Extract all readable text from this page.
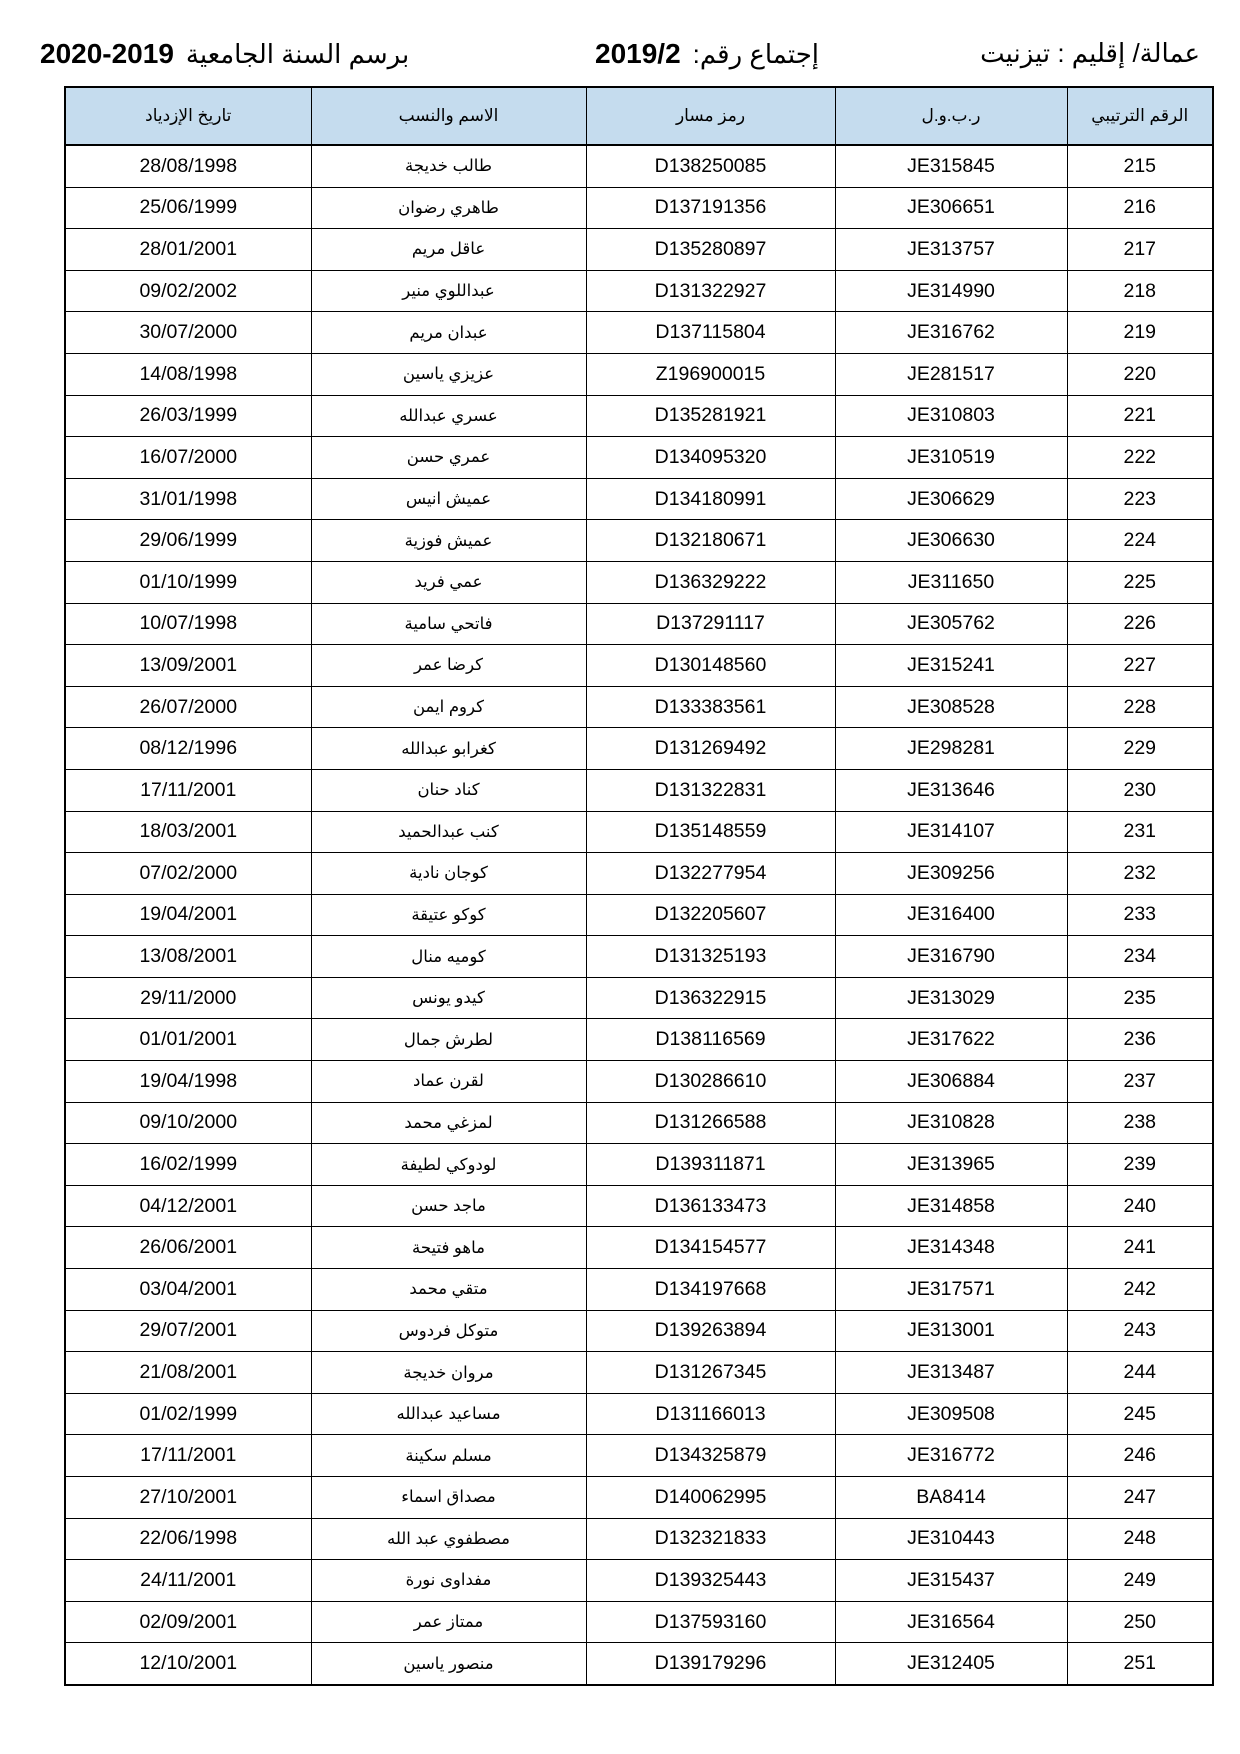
برسم السنة الجامعية2020-2019	إجتماع رقم:2019/2	عمالة/ إقليم : تيزنيت
الرقم الترتيبي	ر.ب.و.ل	رمز مسار	الاسم والنسب	تاريخ الإزدياد
215	JE315845	D138250085	طالب خديجة	28/08/1998
216	JE306651	D137191356	طاهري رضوان	25/06/1999
217	JE313757	D135280897	عاقل مريم	28/01/2001
218	JE314990	D131322927	عبداللوي منير	09/02/2002
219	JE316762	D137115804	عبدان مريم	30/07/2000
220	JE281517	Z196900015	عزيزي ياسين	14/08/1998
221	JE310803	D135281921	عسري عبدالله	26/03/1999
222	JE310519	D134095320	عمري حسن	16/07/2000
223	JE306629	D134180991	عميش انيس	31/01/1998
224	JE306630	D132180671	عميش فوزية	29/06/1999
225	JE311650	D136329222	عمي فريد	01/10/1999
226	JE305762	D137291117	فاتحي سامية	10/07/1998
227	JE315241	D130148560	كرضا عمر	13/09/2001
228	JE308528	D133383561	كروم ايمن	26/07/2000
229	JE298281	D131269492	كغرابو عبدالله	08/12/1996
230	JE313646	D131322831	كناد حنان	17/11/2001
231	JE314107	D135148559	كنب عبدالحميد	18/03/2001
232	JE309256	D132277954	كوجان نادية	07/02/2000
233	JE316400	D132205607	كوكو عتيقة	19/04/2001
234	JE316790	D131325193	كوميه منال	13/08/2001
235	JE313029	D136322915	كيدو يونس	29/11/2000
236	JE317622	D138116569	لطرش جمال	01/01/2001
237	JE306884	D130286610	لقرن عماد	19/04/1998
238	JE310828	D131266588	لمزغي محمد	09/10/2000
239	JE313965	D139311871	لودوكي لطيفة	16/02/1999
240	JE314858	D136133473	ماجد حسن	04/12/2001
241	JE314348	D134154577	ماهو فتيحة	26/06/2001
242	JE317571	D134197668	متقي محمد	03/04/2001
243	JE313001	D139263894	متوكل فردوس	29/07/2001
244	JE313487	D131267345	مروان خديجة	21/08/2001
245	JE309508	D131166013	مساعيد عبدالله	01/02/1999
246	JE316772	D134325879	مسلم سكينة	17/11/2001
247	BA8414	D140062995	مصداق اسماء	27/10/2001
248	JE310443	D132321833	مصطفوي عبد الله	22/06/1998
249	JE315437	D139325443	مفداوى نورة	24/11/2001
250	JE316564	D137593160	ممتاز عمر	02/09/2001
251	JE312405	D139179296	منصور ياسين	12/10/2001
